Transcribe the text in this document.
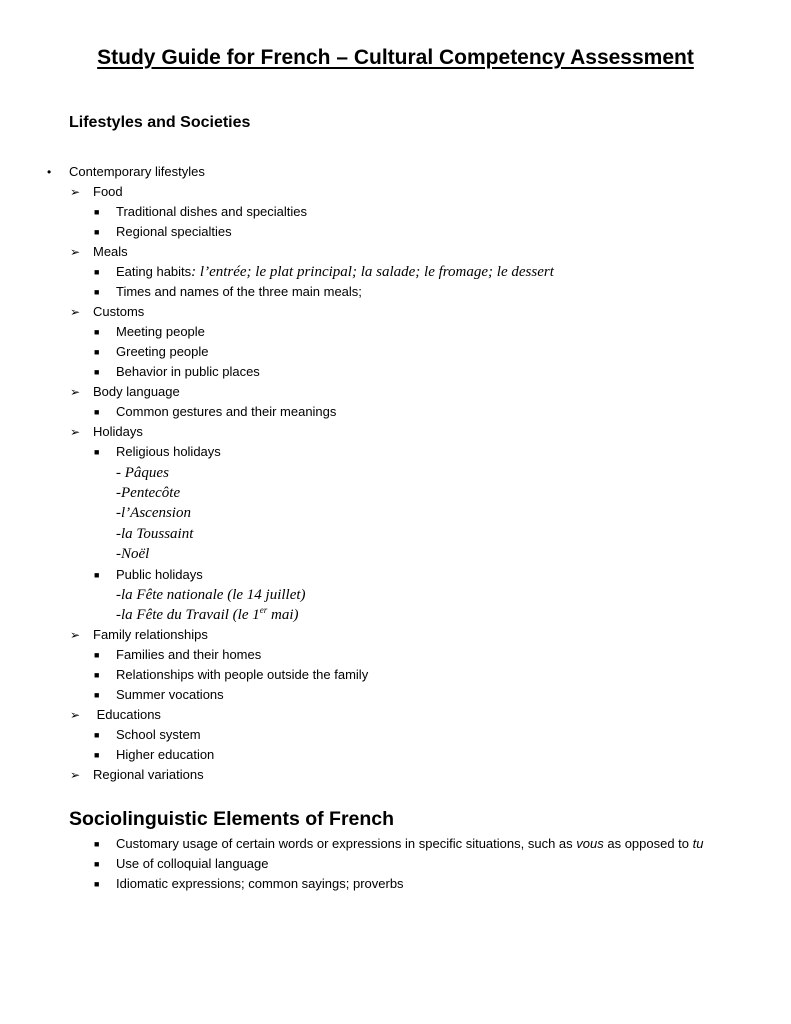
Study Guide for French – Cultural Competency Assessment
Lifestyles and Societies
• Contemporary lifestyles
➢ Food
■ Traditional dishes and specialties
■ Regional specialties
➢ Meals
■ Eating habits: l’entrée; le plat principal; la salade; le fromage; le dessert
■ Times and names of the three main meals;
➢ Customs
■ Meeting people
■ Greeting people
■ Behavior in public places
➢ Body language
■ Common gestures and their meanings
➢ Holidays
■ Religious holidays
- Pâques
-Pentecôte
-l’Ascension
-la Toussaint
-Noël
■ Public holidays
-la Fête nationale (le 14 juillet)
-la Fête du Travail (le 1er mai)
➢ Family relationships
■ Families and their homes
■ Relationships with people outside the family
■ Summer vocations
➢ Educations
■ School system
■ Higher education
➢ Regional variations
Sociolinguistic Elements of French
■ Customary usage of certain words or expressions in specific situations, such as vous as opposed to tu
■ Use of colloquial language
■ Idiomatic expressions; common sayings; proverbs
